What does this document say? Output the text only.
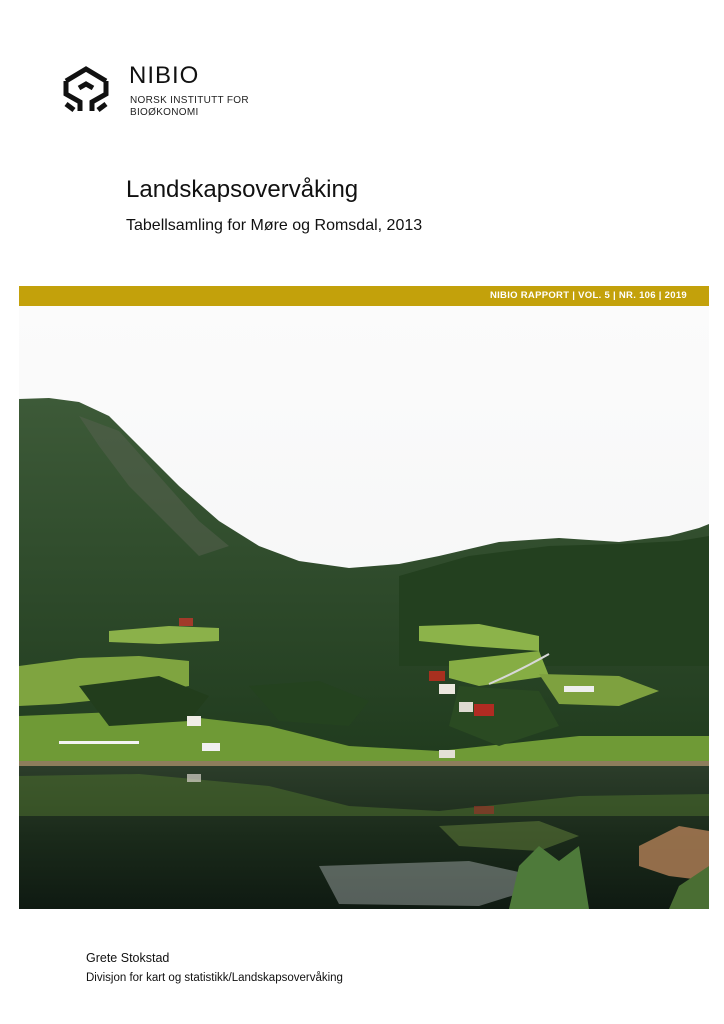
NIBIO
NORSK INSTITUTT FOR
BIOØKONOMI
Landskapsovervåking
Tabellsamling for Møre og Romsdal, 2013
NIBIO RAPPORT | VOL. 5 | NR. 106 | 2019
Grete Stokstad
Divisjon for kart og statistikk/Landskapsovervåking
